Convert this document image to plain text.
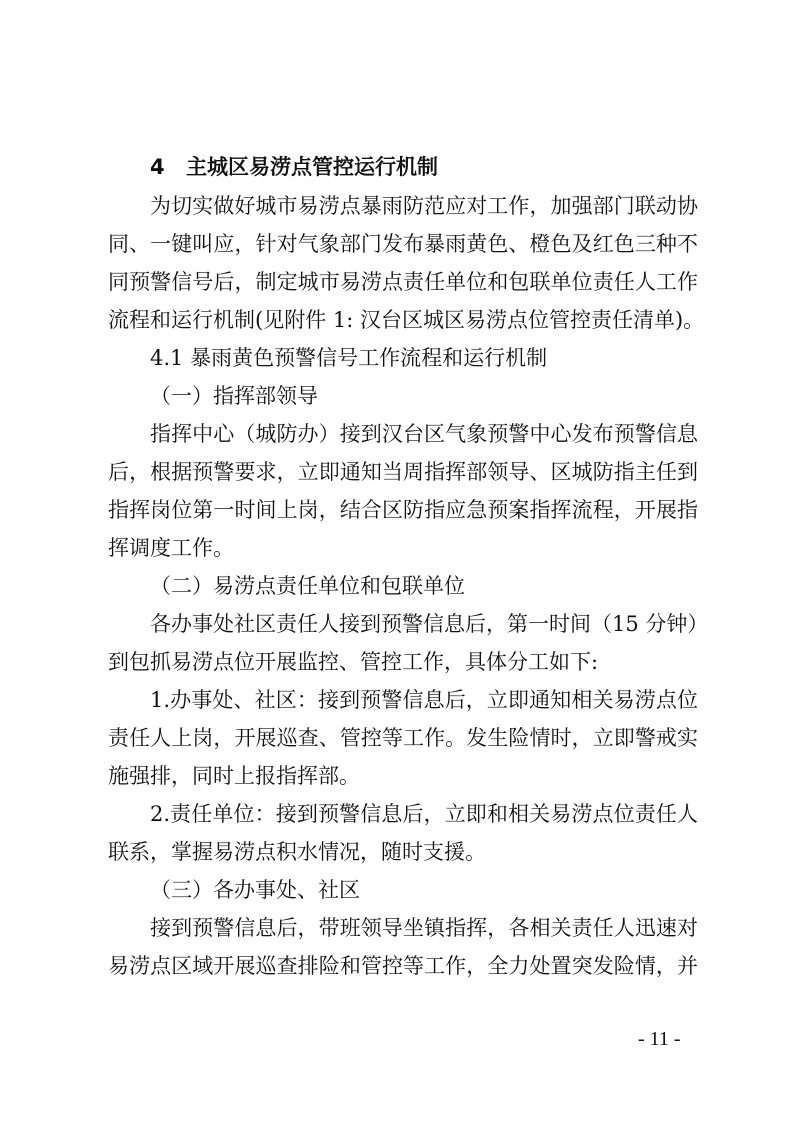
4 主城区易涝点管控运行机制
为切实做好城市易涝点暴雨防范应对工作，加强部门联动协
同、一键叫应，针对气象部门发布暴雨黄色、橙色及红色三种不
同预警信号后，制定城市易涝点责任单位和包联单位责任人工作
流程和运行机制(见附件 1: 汉台区城区易涝点位管控责任清单)。
4.1 暴雨黄色预警信号工作流程和运行机制
（一）指挥部领导
指挥中心（城防办）接到汉台区气象预警中心发布预警信息
后，根据预警要求，立即通知当周指挥部领导、区城防指主任到
指挥岗位第一时间上岗，结合区防指应急预案指挥流程，开展指
挥调度工作。
（二）易涝点责任单位和包联单位
各办事处社区责任人接到预警信息后，第一时间（15 分钟）
到包抓易涝点位开展监控、管控工作，具体分工如下:
1.办事处、社区：接到预警信息后，立即通知相关易涝点位
责任人上岗，开展巡查、管控等工作。发生险情时，立即警戒实
施强排，同时上报指挥部。
2.责任单位：接到预警信息后，立即和相关易涝点位责任人
联系，掌握易涝点积水情况，随时支援。
（三）各办事处、社区
接到预警信息后，带班领导坐镇指挥，各相关责任人迅速对
易涝点区域开展巡查排险和管控等工作，全力处置突发险情，并
- 11 -
